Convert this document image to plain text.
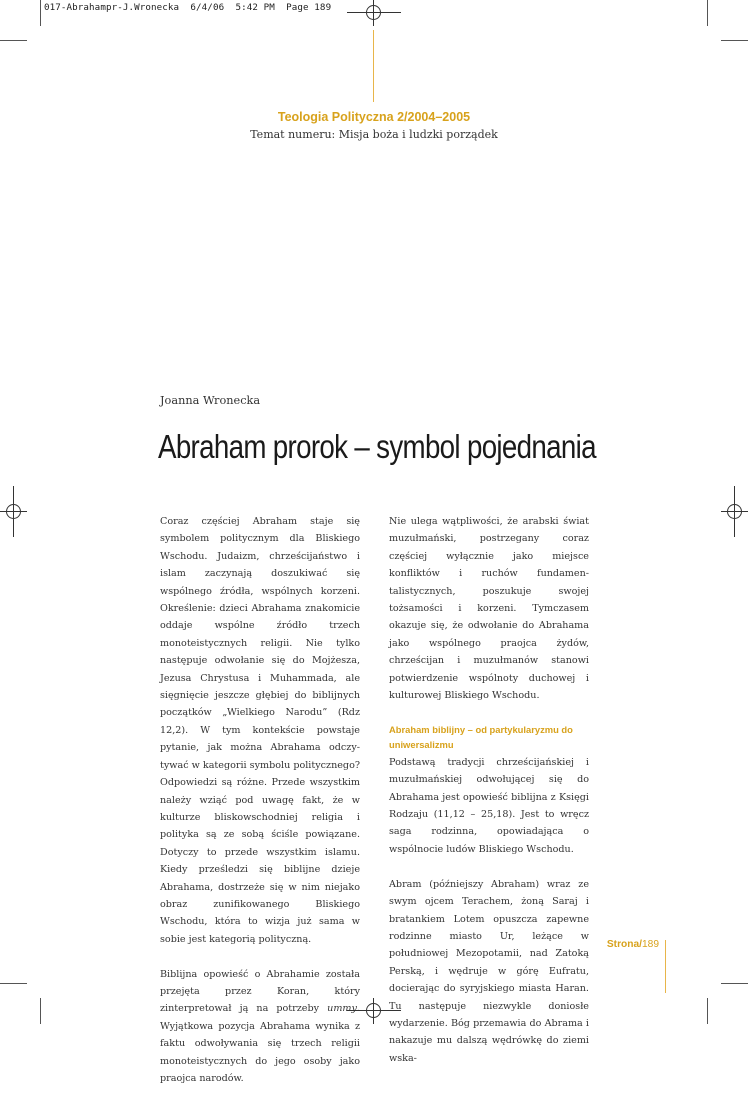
017-Abrahampr-J.Wronecka  6/4/06  5:42 PM  Page 189
Teologia Polityczna 2/2004–2005
Temat numeru: Misja boża i ludzki porządek
Joanna Wronecka
Abraham prorok – symbol pojednania

Coraz częściej Abraham staje się symbolem politycznym dla Bliskiego Wschodu. Judaizm, chrześcijaństwo i islam zaczynają doszukiwać się wspólnego źródła, wspólnych korzeni. Określenie: dzieci Abrahama znakomicie oddaje wspólne źródło trzech monoteistycznych religii. Nie tylko następuje odwołanie się do Mojżesza, Jezusa Chrystusa i Muhammada, ale sięgnięcie jeszcze głębiej do biblijnych początków „Wielkiego Narodu” (Rdz 12,2). W tym kontekście powstaje pytanie, jak można Abrahama odczytywać w kategorii symbolu politycznego? Odpowiedzi są różne. Przede wszystkim należy wziąć pod uwagę fakt, że w kulturze bliskowschodniej religia i polityka są ze sobą ściśle powiązane. Dotyczy to przede wszystkim islamu. Kiedy prześledzi się biblijne dzieje Abrahama, dostrzeże się w nim niejako obraz zunifikowanego Bliskiego Wschodu, która to wizja już sama w sobie jest kategorią polityczną.

Biblijna opowieść o Abrahamie została przejęta przez Koran, który zinterpretował ją na potrzeby ummy. Wyjątkowa pozycja Abrahama wynika z faktu odwoływania się trzech religii monoteistycznych do jego osoby jako praojca narodów.

Nie ulega wątpliwości, że arabski świat muzułmański, postrzegany coraz częściej wyłącznie jako miejsce konfliktów i ruchów fundamentalistycznych, poszukuje swojej tożsamości i korzeni. Tymczasem okazuje się, że odwołanie do Abrahama jako wspólnego praojca żydów, chrześcijan i muzułmanów stanowi potwierdzenie wspólnoty duchowej i kulturowej Bliskiego Wschodu.

Abraham biblijny – od partykularyzmu do uniwersalizmu

Podstawą tradycji chrześcijańskiej i muzułmańskiej odwołującej się do Abrahama jest opowieść biblijna z Księgi Rodzaju (11,12 – 25,18). Jest to wręcz saga rodzinna, opowiadająca o wspólnocie ludów Bliskiego Wschodu.

Abram (późniejszy Abraham) wraz ze swym ojcem Terachem, żoną Saraj i bratankiem Lotem opuszcza zapewne rodzinne miasto Ur, leżące w południowej Mezopotamii, nad Zatoką Perską, i wędruje w górę Eufratu, docierając do syryjskiego miasta Haran. Tu następuje niezwykle doniosłe wydarzenie. Bóg przemawia do Abrama i nakazuje mu dalszą wędrówkę do ziemi wska-

Strona/189
